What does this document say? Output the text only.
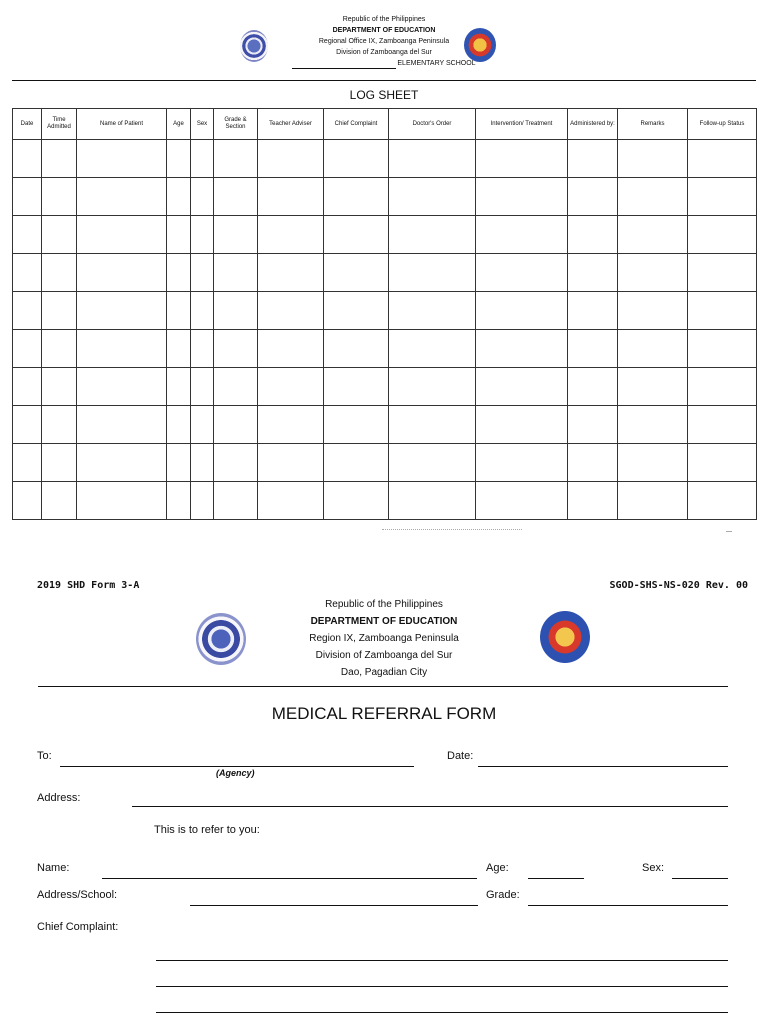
Republic of the Philippines
DEPARTMENT OF EDUCATION
Regional Office IX, Zamboanga Peninsula
Division of Zamboanga del Sur
ELEMENTARY SCHOOL
LOG SHEET
Date	Time Admitted	Name of Patient	Age	Sex	Grade & Section	Teacher Adviser	Chief Complaint	Doctor's Order	Intervention/ Treatment	Administered by:	Remarks	Follow-up Status

2019 SHD Form 3-A	SGOD-SHS-NS-020 Rev. 00
Republic of the Philippines
DEPARTMENT OF EDUCATION
Region IX, Zamboanga Peninsula
Division of Zamboanga del Sur
Dao, Pagadian City
MEDICAL REFERRAL FORM
To:
(Agency)
Date:
Address:
This is to refer to you:
Name:	Age:	Sex:
Address/School:	Grade:
Chief Complaint:
